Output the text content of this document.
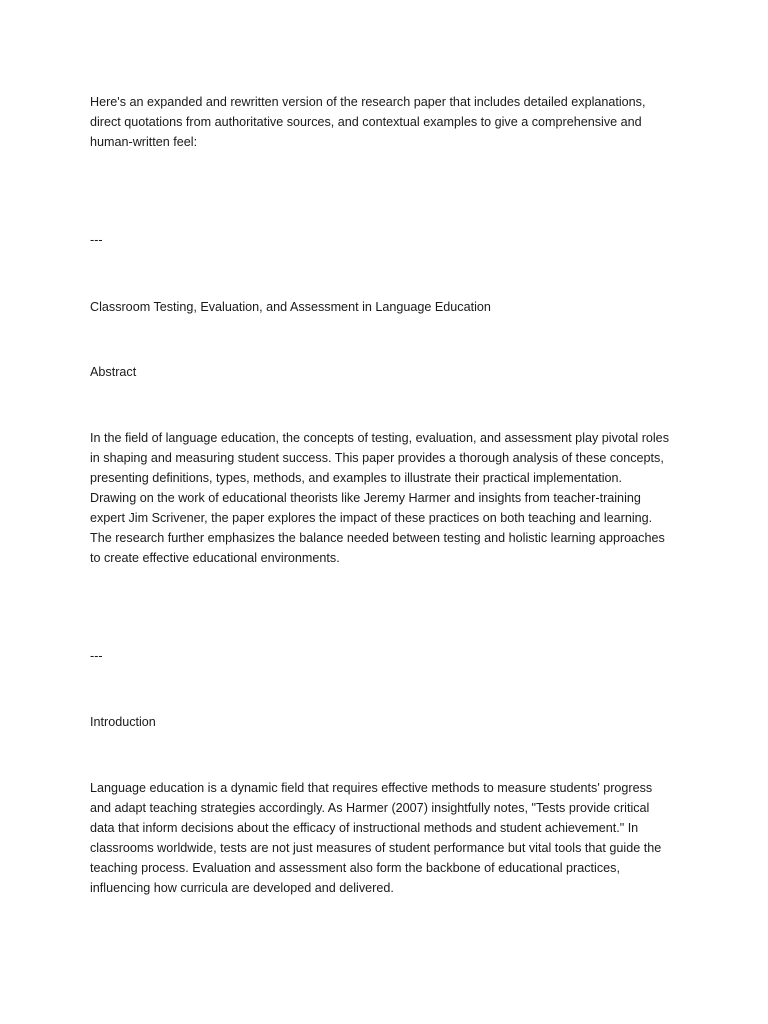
Here's an expanded and rewritten version of the research paper that includes detailed explanations,
direct quotations from authoritative sources, and contextual examples to give a comprehensive and
human-written feel:

---

Classroom Testing, Evaluation, and Assessment in Language Education

Abstract

In the field of language education, the concepts of testing, evaluation, and assessment play pivotal roles
in shaping and measuring student success. This paper provides a thorough analysis of these concepts,
presenting definitions, types, methods, and examples to illustrate their practical implementation.
Drawing on the work of educational theorists like Jeremy Harmer and insights from teacher-training
expert Jim Scrivener, the paper explores the impact of these practices on both teaching and learning.
The research further emphasizes the balance needed between testing and holistic learning approaches
to create effective educational environments.

---

Introduction

Language education is a dynamic field that requires effective methods to measure students' progress
and adapt teaching strategies accordingly. As Harmer (2007) insightfully notes, "Tests provide critical
data that inform decisions about the efficacy of instructional methods and student achievement." In
classrooms worldwide, tests are not just measures of student performance but vital tools that guide the
teaching process. Evaluation and assessment also form the backbone of educational practices,
influencing how curricula are developed and delivered.
